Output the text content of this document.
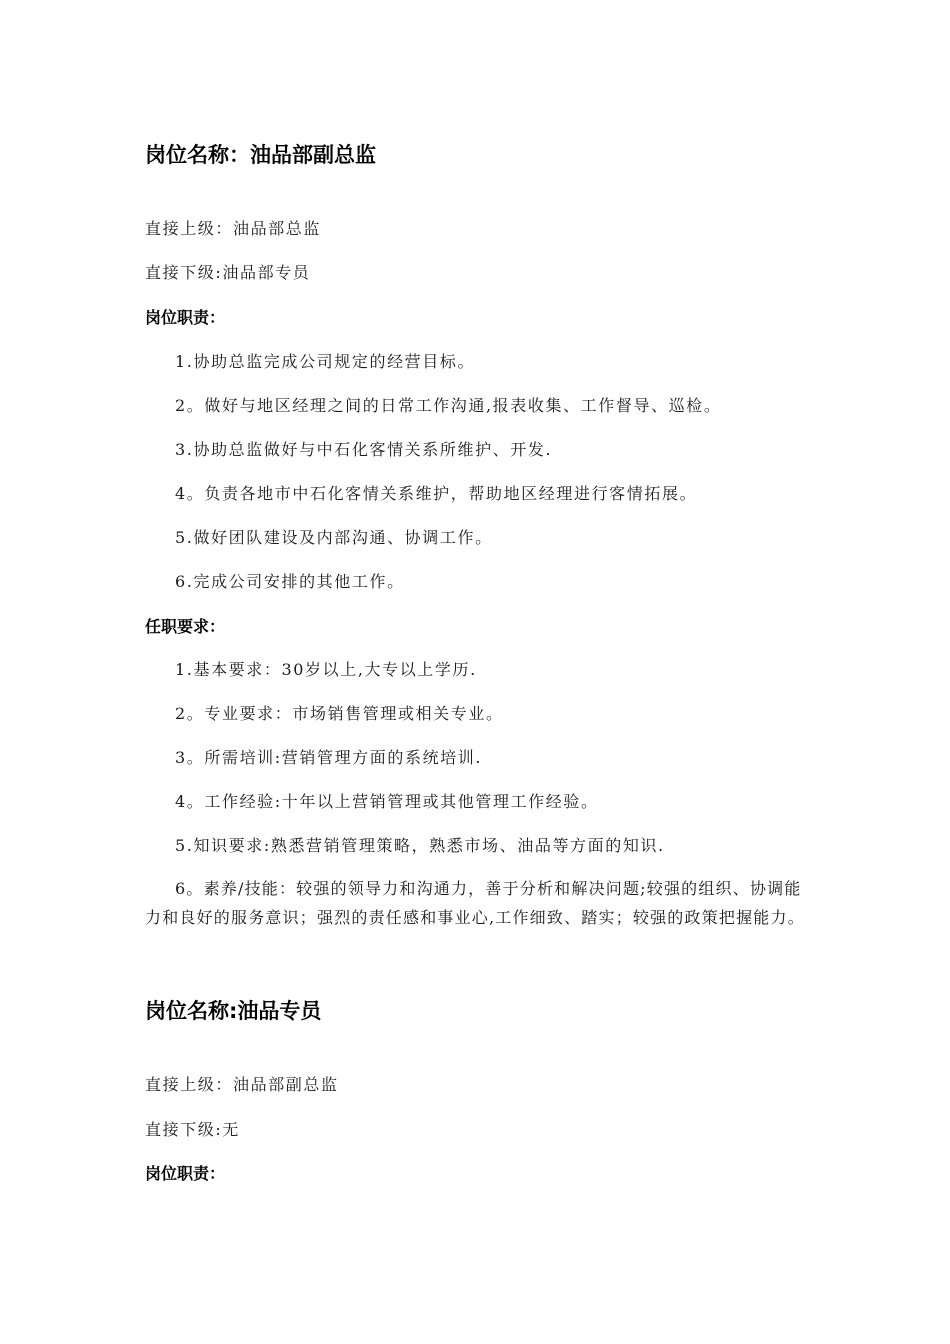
岗位名称：油品部副总监
直接上级：油品部总监
直接下级:油品部专员
岗位职责：
1.协助总监完成公司规定的经营目标。
2。做好与地区经理之间的日常工作沟通,报表收集、工作督导、巡检。
3.协助总监做好与中石化客情关系所维护、开发.
4。负责各地市中石化客情关系维护，帮助地区经理进行客情拓展。
5.做好团队建设及内部沟通、协调工作。
6.完成公司安排的其他工作。
任职要求：
1.基本要求：30岁以上,大专以上学历.
2。专业要求：市场销售管理或相关专业。
3。所需培训:营销管理方面的系统培训.
4。工作经验:十年以上营销管理或其他管理工作经验。
5.知识要求:熟悉营销管理策略，熟悉市场、油品等方面的知识.
6。素养/技能：较强的领导力和沟通力，善于分析和解决问题;较强的组织、协调能力和良好的服务意识；强烈的责任感和事业心,工作细致、踏实；较强的政策把握能力。
岗位名称:油品专员
直接上级：油品部副总监
直接下级:无
岗位职责：
